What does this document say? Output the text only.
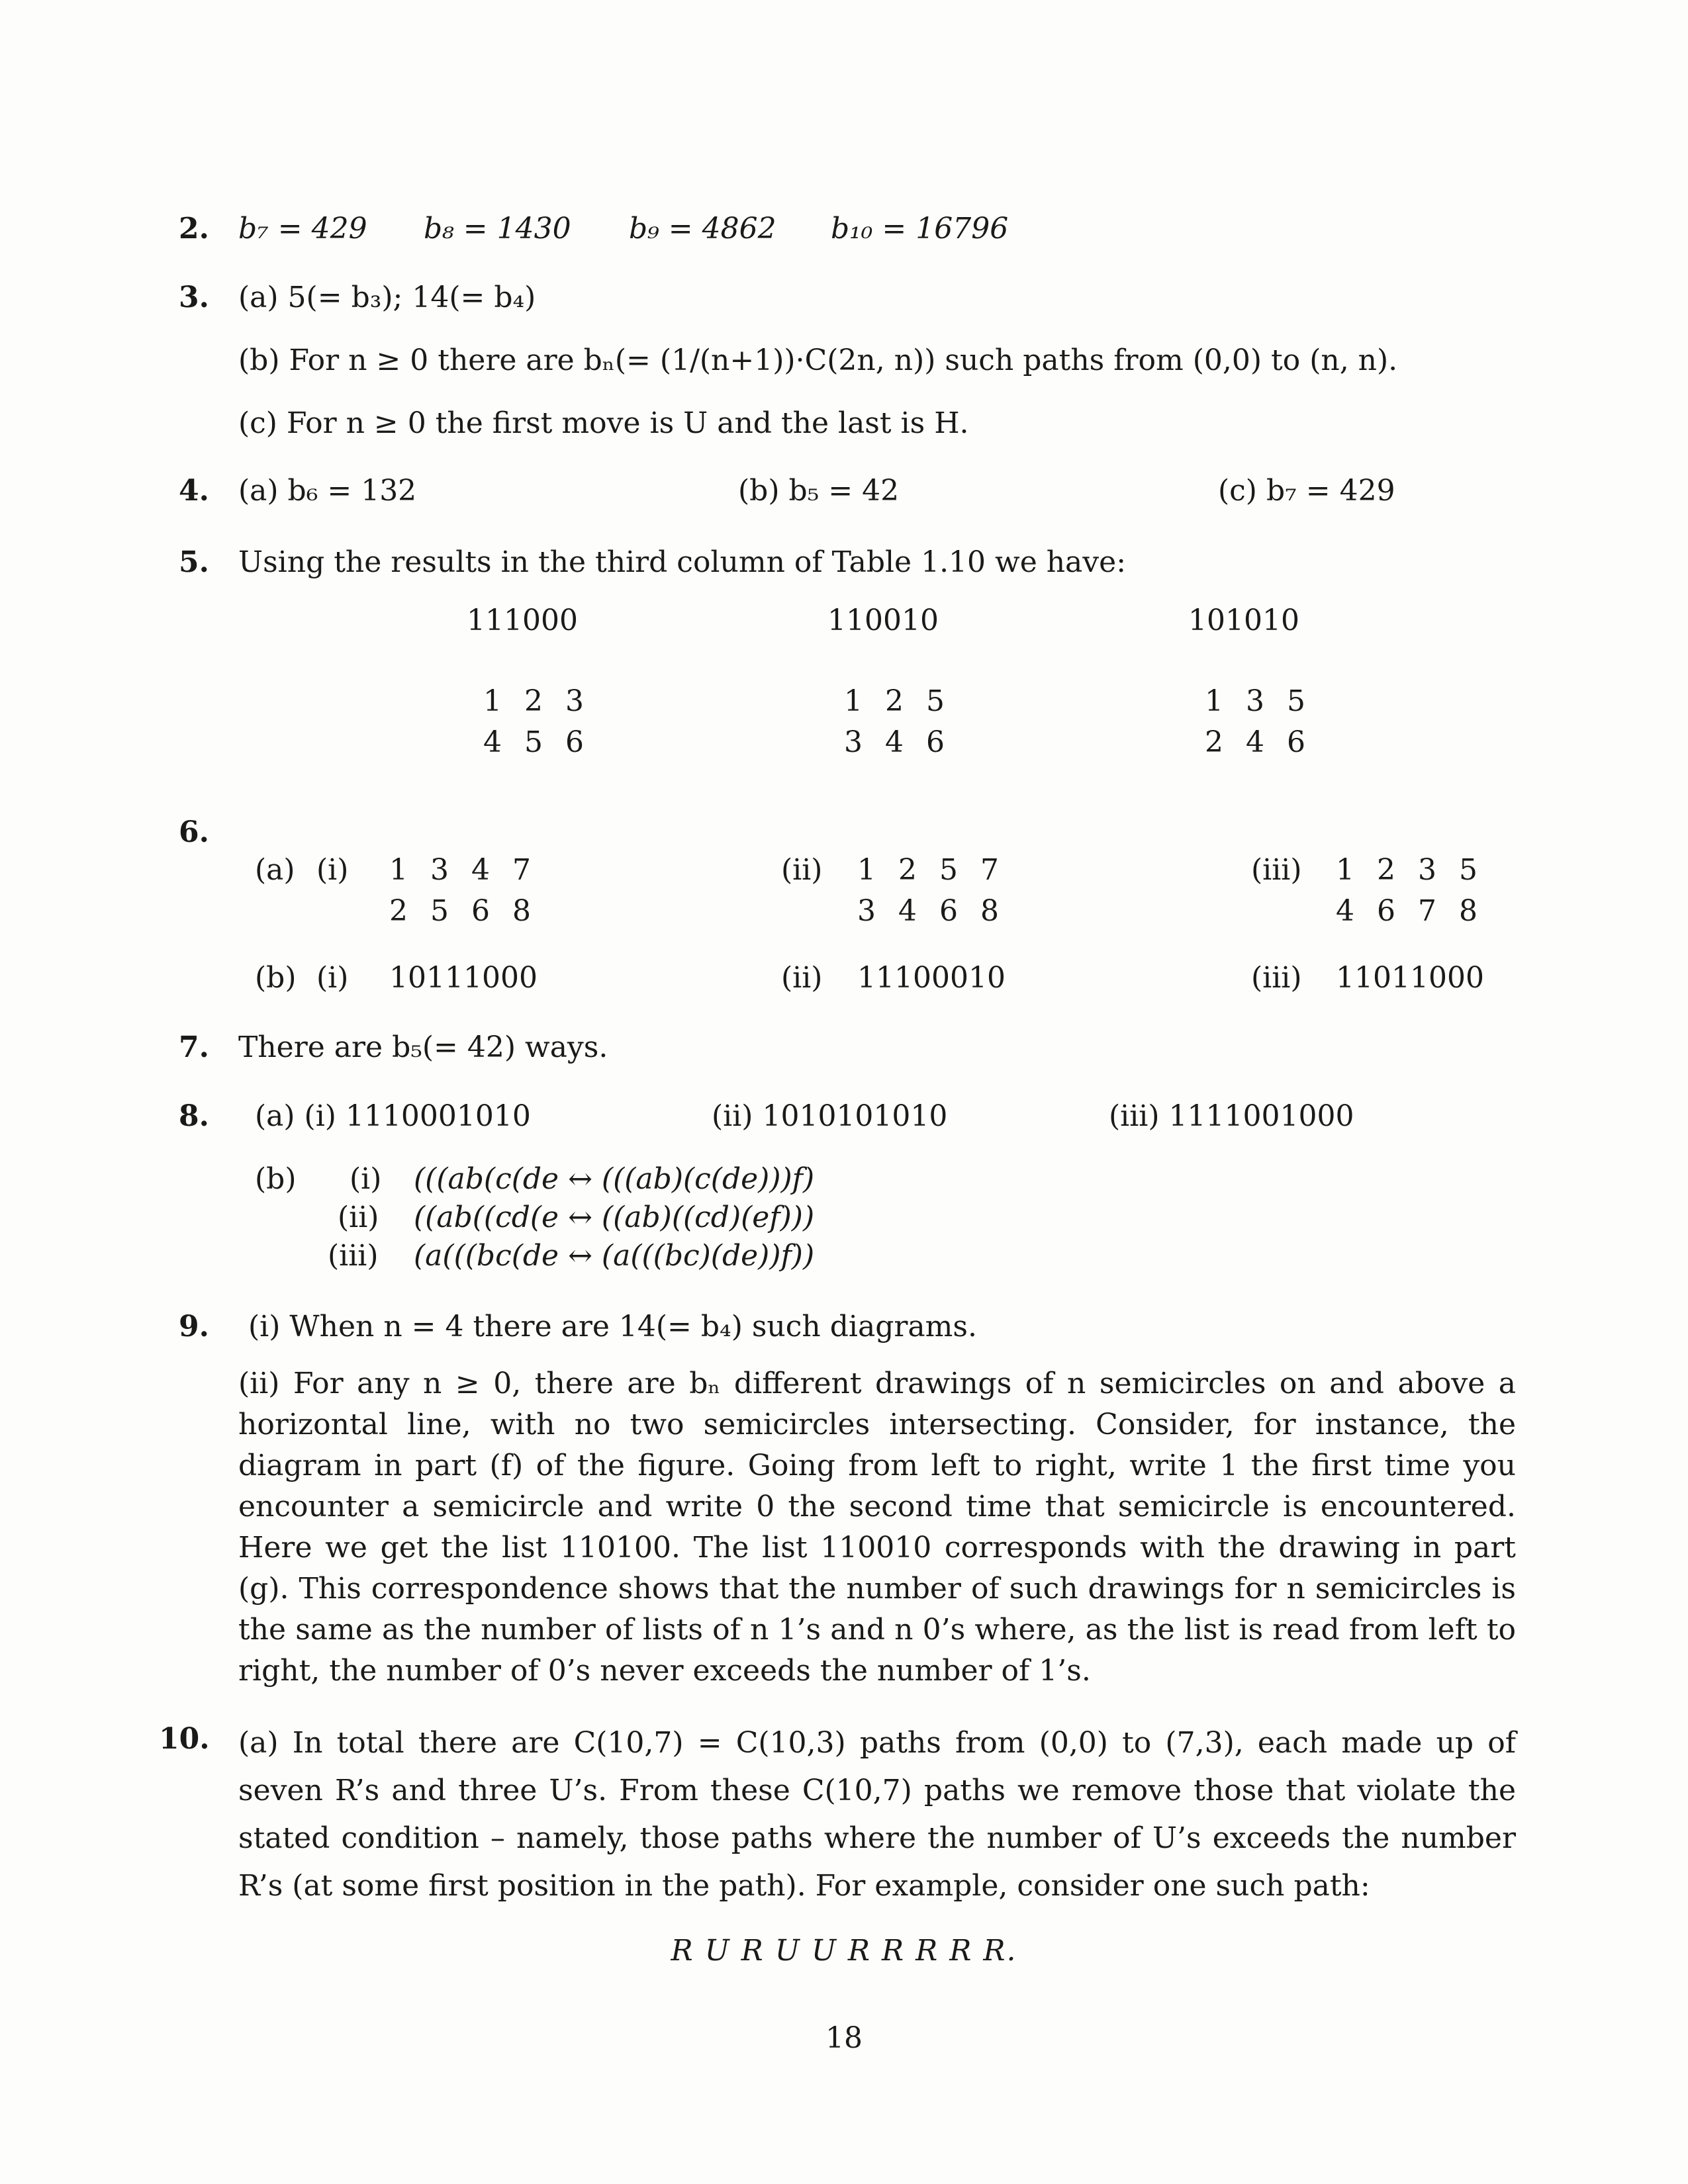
2. b₇ = 429 b₈ = 1430 b₉ = 4862 b₁₀ = 16796
3. (a) 5(= b₃); 14(= b₄)
(b) For n ≥ 0 there are bₙ(= (1/(n+1))·C(2n, n)) such paths from (0,0) to (n, n).
(c) For n ≥ 0 the first move is U and the last is H.
4. (a) b₆ = 132	(b) b₅ = 42	(c) b₇ = 429
5. Using the results in the third column of Table 1.10 we have:
111000	110010	101010
1 2 3
4 5 6
1 2 5
3 4 6
1 3 5
2 4 6
6.
(a) (i) 1 3 4 7
2 5 6 8
(ii) 1 2 5 7
3 4 6 8
(iii) 1 2 3 5
4 6 7 8
(b) (i) 10111000	(ii) 11100010	(iii) 11011000
7. There are b₅(= 42) ways.
8. (a) (i) 1110001010	(ii) 1010101010	(iii) 1111001000
(b) (i) (((ab(c(de ↔ (((ab)(c(de)))f)
(ii) ((ab((cd(e ↔ ((ab)((cd)(ef)))
(iii) (a(((bc(de ↔ (a(((bc)(de))f))
9. (i) When n = 4 there are 14(= b₄) such diagrams.
(ii) For any n ≥ 0, there are bₙ different drawings of n semicircles on and above a horizontal line, with no two semicircles intersecting. Consider, for instance, the diagram in part (f) of the figure. Going from left to right, write 1 the first time you encounter a semicircle and write 0 the second time that semicircle is encountered. Here we get the list 110100. The list 110010 corresponds with the drawing in part (g). This correspondence shows that the number of such drawings for n semicircles is the same as the number of lists of n 1’s and n 0’s where, as the list is read from left to right, the number of 0’s never exceeds the number of 1’s.
10. (a) In total there are C(10,7) = C(10,3) paths from (0,0) to (7,3), each made up of seven R’s and three U’s. From these C(10,7) paths we remove those that violate the stated condition – namely, those paths where the number of U’s exceeds the number R’s (at some first position in the path). For example, consider one such path:
R U R U U R R R R R.
18
